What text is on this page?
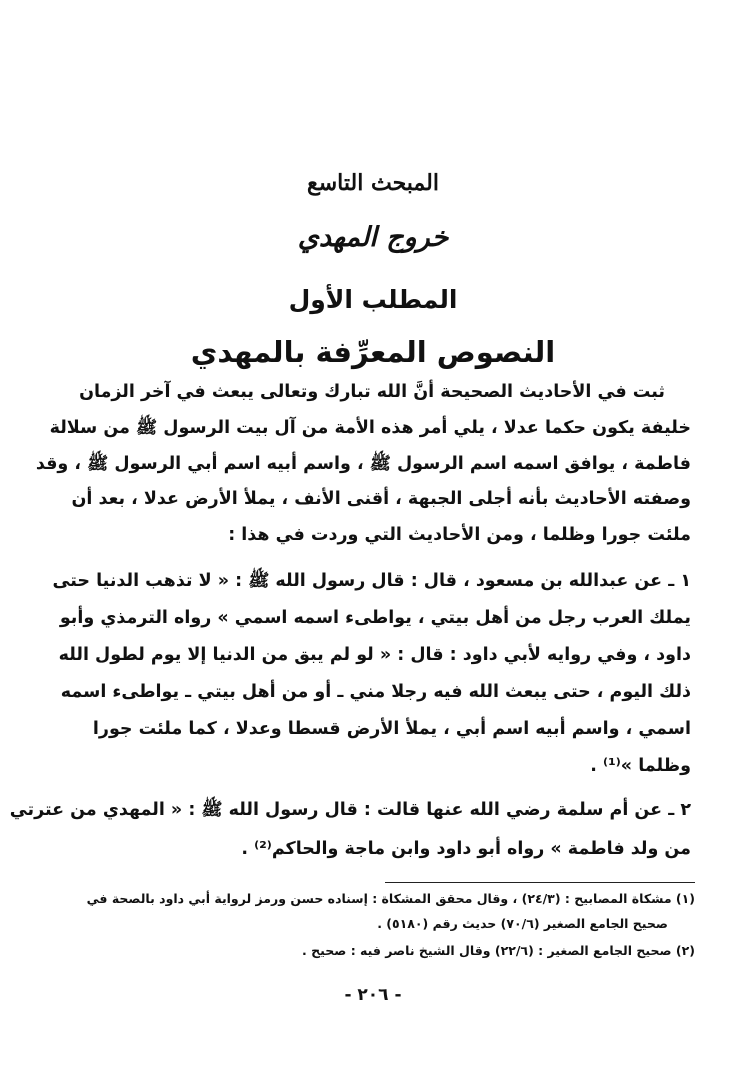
المبحث التاسع
خروج المهدي
المطلب الأول
النصوص المعرِّفة بالمهدي
ثبت في الأحاديث الصحيحة أنَّ الله تبارك وتعالى يبعث في آخر الزمان
خليفة يكون حكما عدلا ، يلي أمر هذه الأمة من آل بيت الرسول ﷺ من سلالة
فاطمة ، يوافق اسمه اسم الرسول ﷺ ، واسم أبيه اسم أبي الرسول ﷺ ، وقد
وصفته الأحاديث بأنه أجلى الجبهة ، أقنى الأنف ، يملأ الأرض عدلا ، بعد أن
ملئت جورا وظلما ، ومن الأحاديث التي وردت في هذا :
١ ـ عن عبدالله بن مسعود ، قال : قال رسول الله ﷺ : « لا تذهب الدنيا حتى
يملك العرب رجل من أهل بيتي ، يواطىء اسمه اسمي » رواه الترمذي وأبو
داود ، وفي روايه لأبي داود : قال : « لو لم يبق من الدنيا إلا يوم لطول الله
ذلك اليوم ، حتى يبعث الله فيه رجلا مني ـ أو من أهل بيتي ـ يواطىء اسمه
اسمي ، واسم أبيه اسم أبي ، يملأ الأرض قسطا وعدلا ، كما ملئت جورا
وظلما »⁽¹⁾ .
٢ ـ عن أم سلمة رضي الله عنها قالت : قال رسول الله ﷺ : « المهدي من عترتي
من ولد فاطمة » رواه أبو داود وابن ماجة والحاكم⁽²⁾ .
(١) مشكاة المصابيح : (٢٤/٣) ، وقال محقق المشكاة : إسناده حسن ورمز لرواية أبي داود بالصحة في
صحيح الجامع الصغير (٧٠/٦) حديث رقم (٥١٨٠) .
(٢) صحيح الجامع الصغير : (٢٢/٦) وقال الشيخ ناصر فيه : صحيح .
- ٢٠٦ -
